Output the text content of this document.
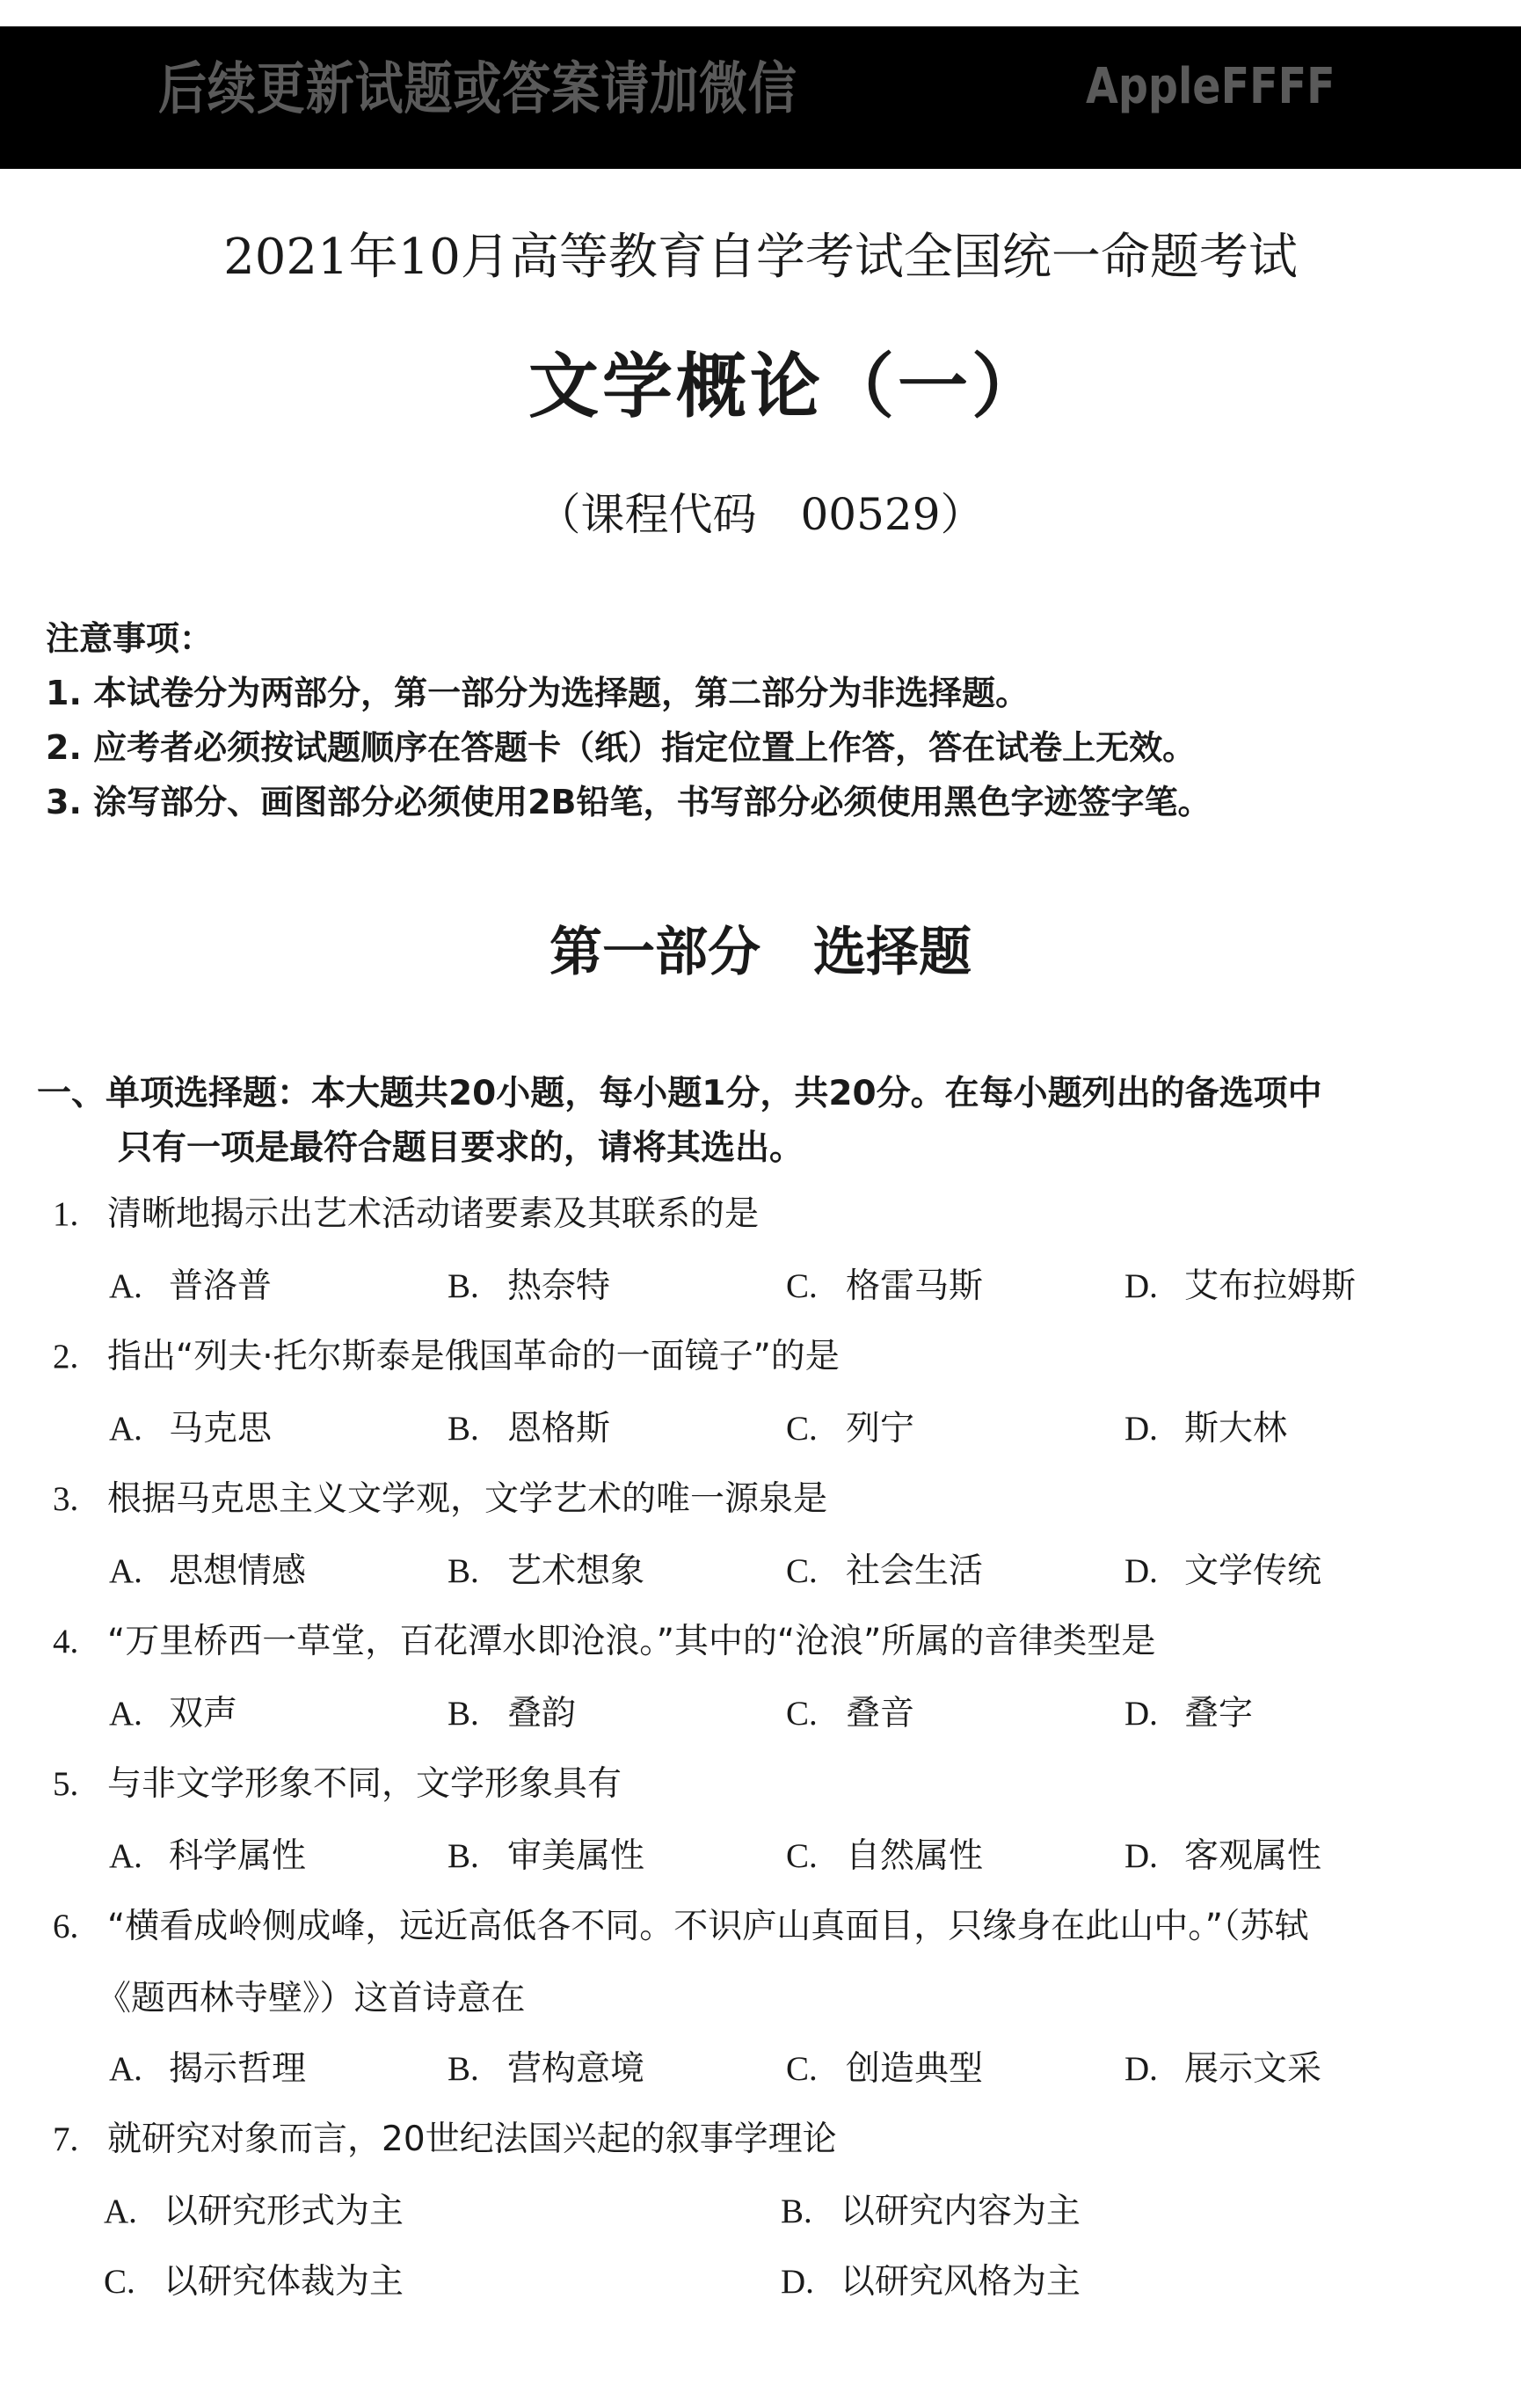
后续更新试题或答案请加微信	AppleFFFF
2021年10月高等教育自学考试全国统一命题考试
文学概论（一）
（课程代码 00529）
注意事项：
1. 本试卷分为两部分，第一部分为选择题，第二部分为非选择题。
2. 应考者必须按试题顺序在答题卡（纸）指定位置上作答，答在试卷上无效。
3. 涂写部分、画图部分必须使用2B铅笔，书写部分必须使用黑色字迹签字笔。
第一部分 选择题
一、单项选择题：本大题共20小题，每小题1分，共20分。在每小题列出的备选项中
只有一项是最符合题目要求的，请将其选出。
1. 清晰地揭示出艺术活动诸要素及其联系的是
A. 普洛普	B. 热奈特	C. 格雷马斯	D. 艾布拉姆斯
2. 指出“列夫·托尔斯泰是俄国革命的一面镜子”的是
A. 马克思	B. 恩格斯	C. 列宁	D. 斯大林
3. 根据马克思主义文学观，文学艺术的唯一源泉是
A. 思想情感	B. 艺术想象	C. 社会生活	D. 文学传统
4. “万里桥西一草堂，百花潭水即沧浪。”其中的“沧浪”所属的音律类型是
A. 双声	B. 叠韵	C. 叠音	D. 叠字
5. 与非文学形象不同，文学形象具有
A. 科学属性	B. 审美属性	C. 自然属性	D. 客观属性
6. “横看成岭侧成峰，远近高低各不同。不识庐山真面目，只缘身在此山中。”（苏轼
《题西林寺壁》）这首诗意在
A. 揭示哲理	B. 营构意境	C. 创造典型	D. 展示文采
7. 就研究对象而言，20世纪法国兴起的叙事学理论
A. 以研究形式为主	B. 以研究内容为主
C. 以研究体裁为主	D. 以研究风格为主
